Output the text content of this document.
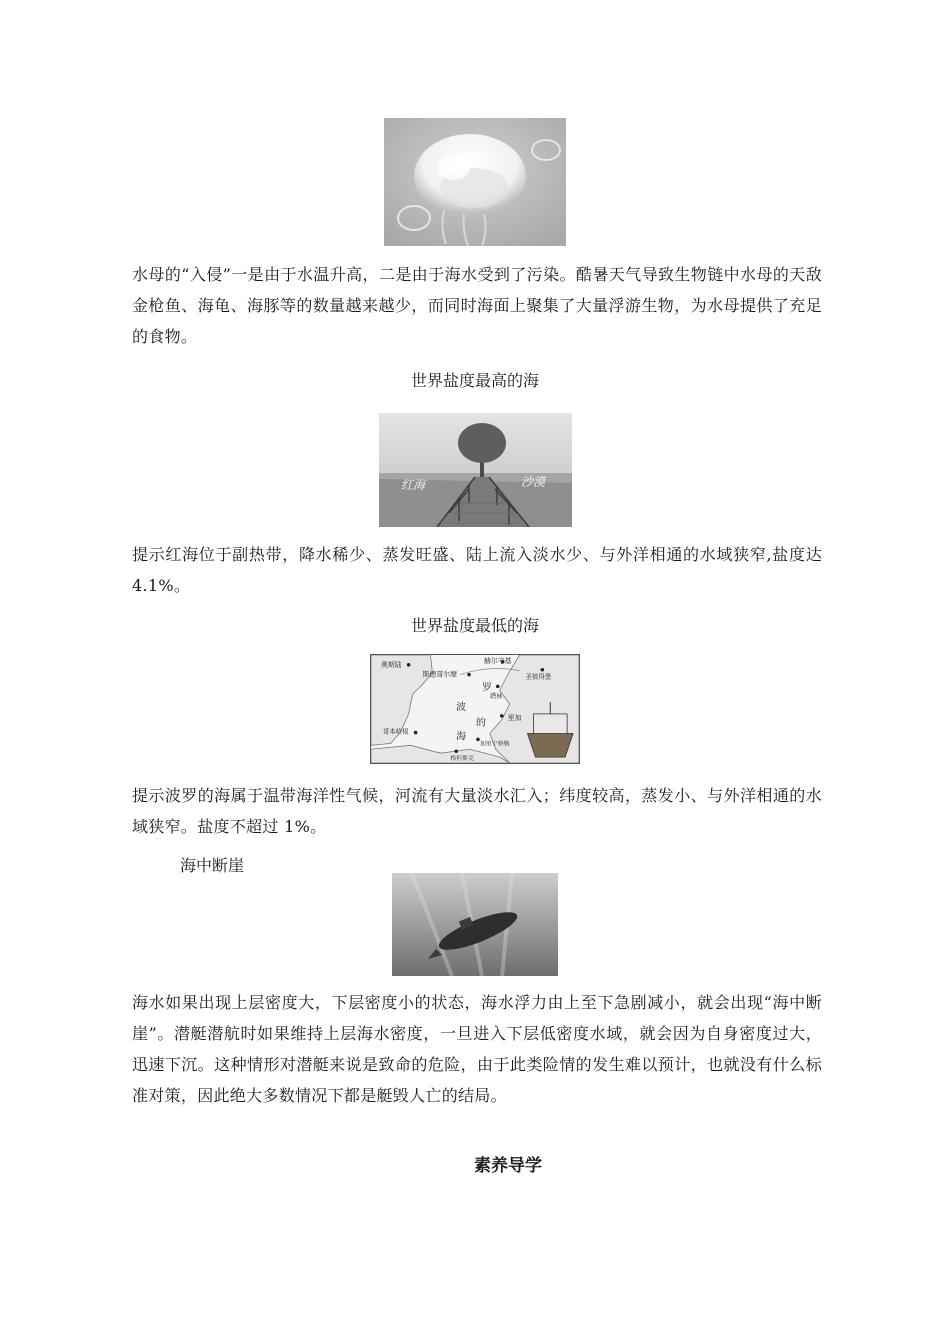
水母的“入侵”一是由于水温升高，二是由于海水受到了污染。酷暑天气导致生物链中水母的天敌金枪鱼、海龟、海豚等的数量越来越少，而同时海面上聚集了大量浮游生物，为水母提供了充足的食物。

世界盐度最高的海

红海	沙漠

提示红海位于副热带，降水稀少、蒸发旺盛、陆上流入淡水少、与外洋相通的水域狭窄,盐度达 4.1%。

世界盐度最低的海

奥斯陆	赫尔辛基
斯德哥尔摩	圣彼得堡
塔林
罗
里加
波
的
海
哥本哈根
格但斯克
加里宁格勒

提示波罗的海属于温带海洋性气候，河流有大量淡水汇入；纬度较高，蒸发小、与外洋相通的水域狭窄。盐度不超过 1%。

海中断崖

海水如果出现上层密度大，下层密度小的状态，海水浮力由上至下急剧减小，就会出现“海中断崖”。潜艇潜航时如果维持上层海水密度，一旦进入下层低密度水域，就会因为自身密度过大，迅速下沉。这种情形对潜艇来说是致命的危险，由于此类险情的发生难以预计，也就没有什么标准对策，因此绝大多数情况下都是艇毁人亡的结局。

素养导学
